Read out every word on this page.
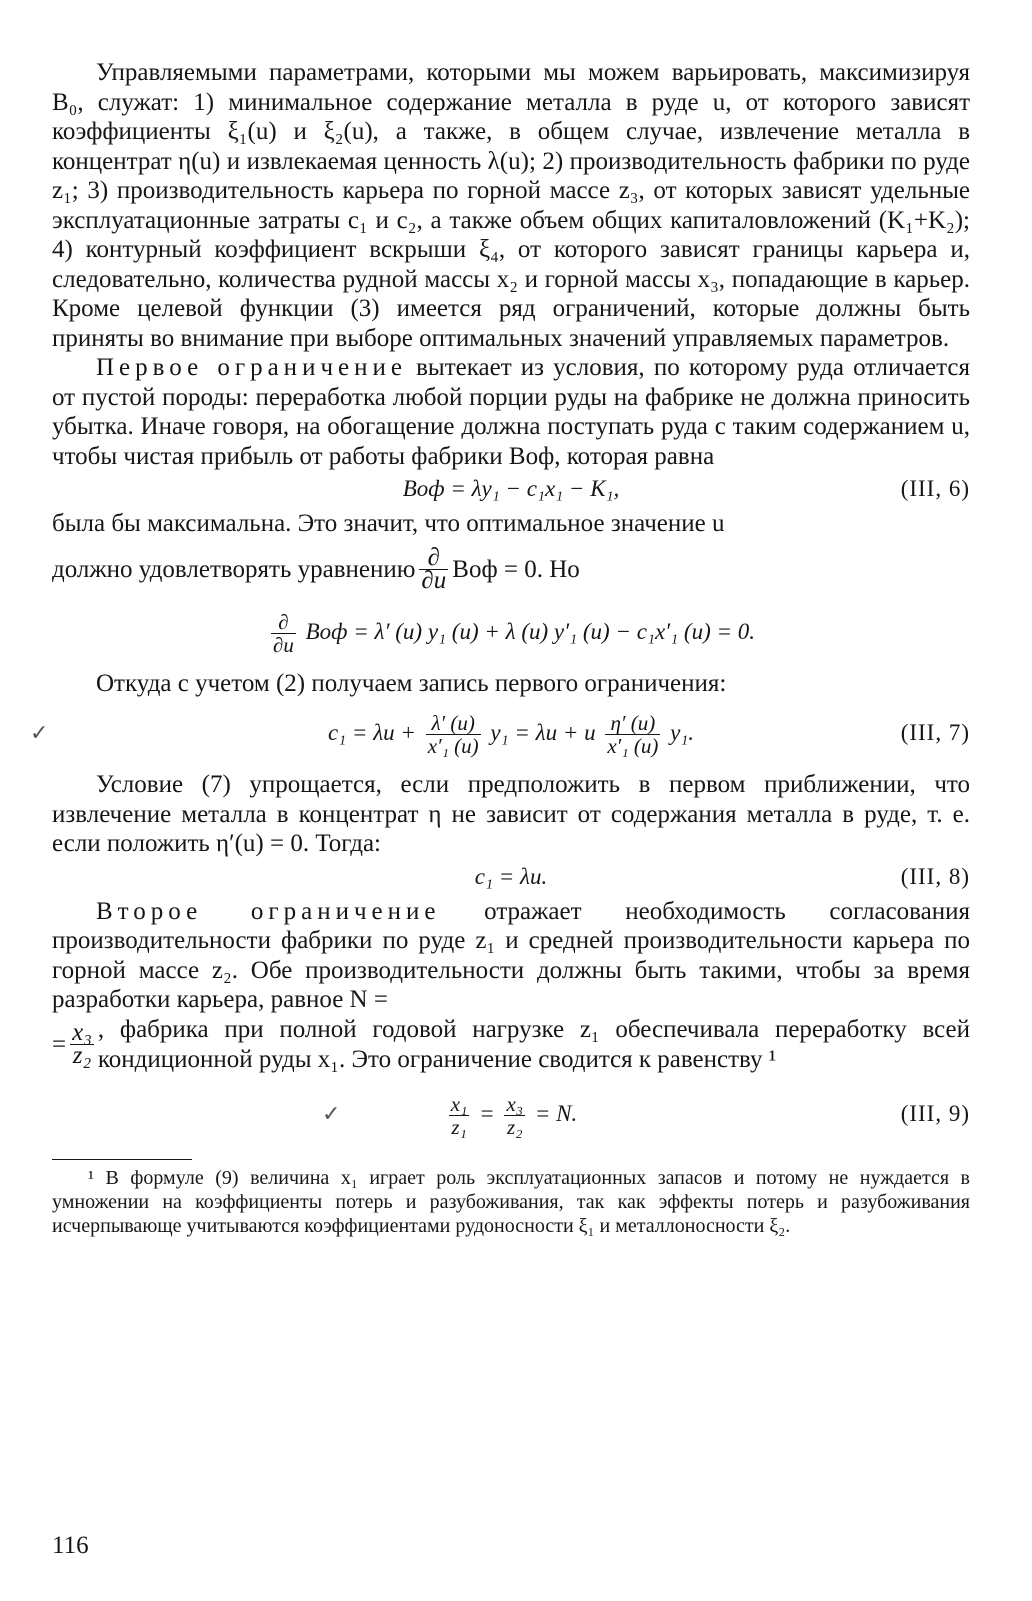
Управляемыми параметрами, которыми мы можем варьировать, максимизируя B₀, служат: 1) минимальное содержание металла в руде u, от которого зависят коэффициенты ξ₁(u) и ξ₂(u), а также, в общем случае, извлечение металла в концентрат η(u) и извлекаемая ценность λ(u); 2) производительность фабрики по руде z₁; 3) производительность карьера по горной массе z₃, от которых зависят удельные эксплуатационные затраты c₁ и c₂, а также объем общих капиталовложений (K₁+K₂); 4) контурный коэффициент вскрыши ξ₄, от которого зависят границы карьера и, следовательно, количества рудной массы x₂ и горной массы x₃, попадающие в карьер. Кроме целевой функции (3) имеется ряд ограничений, которые должны быть приняты во внимание при выборе оптимальных значений управляемых параметров.

Первое ограничение вытекает из условия, по которому руда отличается от пустой породы: переработка любой порции руды на фабрике не должна приносить убытка. Иначе говоря, на обогащение должна поступать руда с таким содержанием u, чтобы чистая прибыль от работы фабрики Bоф, которая равна

Bоф = λy₁ − c₁x₁ − K₁,	(III, 6)

была бы максимальна. Это значит, что оптимальное значение u

должно удовлетворять уравнению $\frac{\partial}{\partial u}$ Bоф = 0. Но
$\frac{\partial}{\partial u}$ Bоф = λ′ (u) y₁ (u) + λ (u) y′₁ (u) − c₁x′₁ (u) = 0.

Откуда с учетом (2) получаем запись первого ограничения:

✓	$c_1 = \lambda u + \frac{\lambda' (u)}{\text{x′₁ (u)}} y_1 = \lambda u + u \frac{\eta' (u)}{\text{x′₁ (u)}} y_1$.	(III, 7)

Условие (7) упрощается, если предположить в первом приближении, что извлечение металла в концентрат η не зависит от содержания металла в руде, т. е. если положить η′(u) = 0. Тогда:

c₁ = λu.	(III, 8)

Второе ограничение отражает необходимость согласования производительности фабрики по руде z₁ и средней производительности карьера по горной массе z₂. Обе производительности должны быть такими, чтобы за время разработки карьера, равное N =

= $\frac{\text{x₃}}{\text{z₂}}$ , фабрика при полной годовой нагрузке z₁ обеспечивала переработку всей кондиционной руды x₁. Это ограничение сводится к равенству ¹
✓	$\frac{\text{x₁}}{\text{z₁}} = \frac{\text{x₃}}{\text{z₂}} = N$.	(III, 9)

¹ В формуле (9) величина x₁ играет роль эксплуатационных запасов и потому не нуждается в умножении на коэффициенты потерь и разубоживания, так как эффекты потерь и разубоживания исчерпывающе учитываются коэффициентами рудоносности ξ₁ и металлоносности ξ₂.

116
